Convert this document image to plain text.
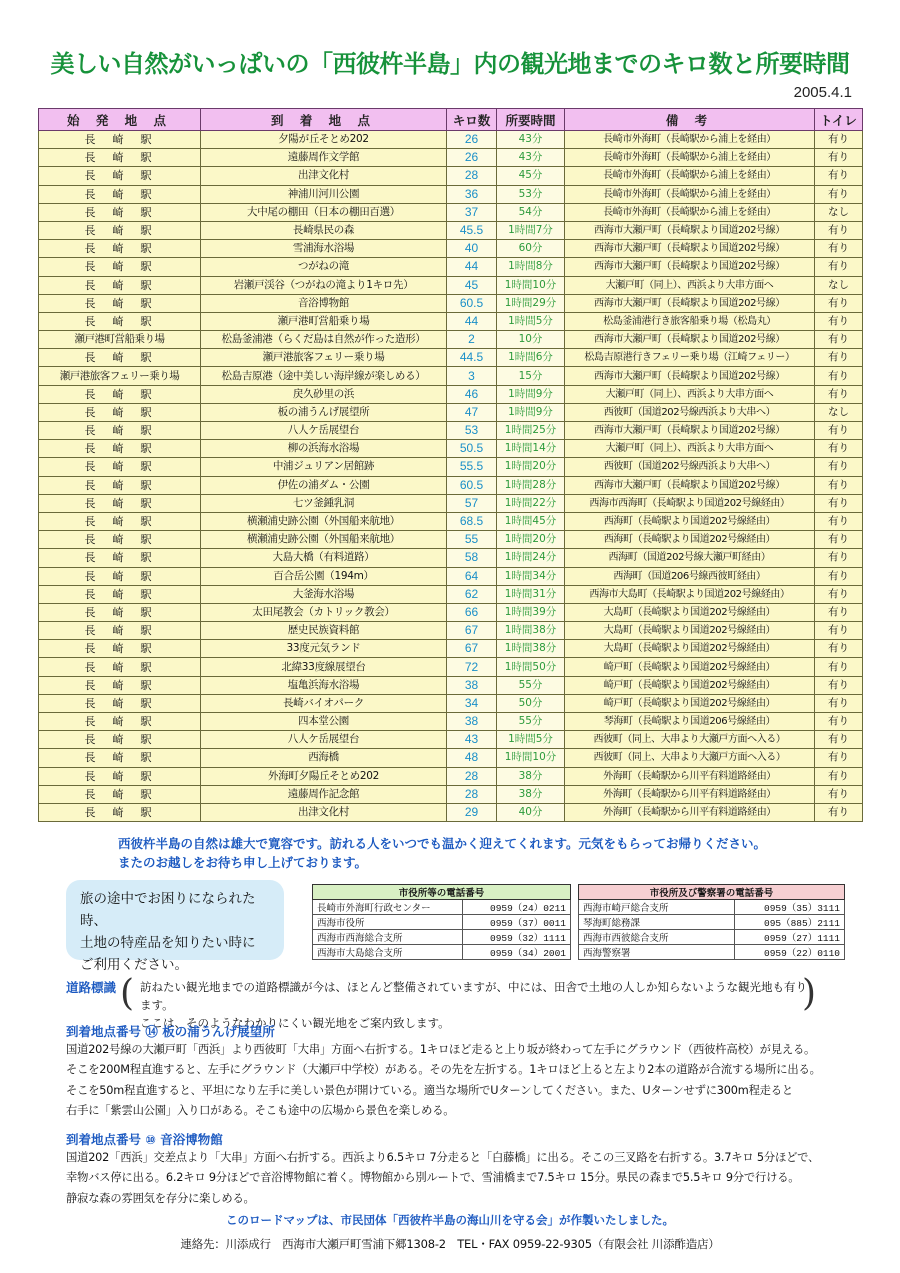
美しい自然がいっぱいの「西彼杵半島」内の観光地までのキロ数と所要時間
2005.4.1
始 発 地 点	到 着 地 点	キロ数	所要時間	備 考	トイレ
長　崎　駅	夕陽が丘そとめ202	26	43分	長崎市外海町（長崎駅から浦上を経由）	有り
長　崎　駅	遠藤周作文学館	26	43分	長崎市外海町（長崎駅から浦上を経由）	有り
長　崎　駅	出津文化村	28	45分	長崎市外海町（長崎駅から浦上を経由）	有り
長　崎　駅	神浦川河川公園	36	53分	長崎市外海町（長崎駅から浦上を経由）	有り
長　崎　駅	大中尾の棚田（日本の棚田百選）	37	54分	長崎市外海町（長崎駅から浦上を経由）	なし
長　崎　駅	長崎県民の森	45.5	1時間7分	西海市大瀬戸町（長崎駅より国道202号線）	有り
長　崎　駅	雪浦海水浴場	40	60分	西海市大瀬戸町（長崎駅より国道202号線）	有り
長　崎　駅	つがねの滝	44	1時間8分	西海市大瀬戸町（長崎駅より国道202号線）	有り
長　崎　駅	岩瀬戸渓谷（つがねの滝より1キロ先）	45	1時間10分	大瀬戸町（同上）、西浜より大串方面へ	なし
長　崎　駅	音浴博物館	60.5	1時間29分	西海市大瀬戸町（長崎駅より国道202号線）	有り
長　崎　駅	瀬戸港町営船乗り場	44	1時間5分	松島釜浦港行き旅客船乗り場（松島丸）	有り
瀬戸港町営船乗り場	松島釜浦港（らくだ島は自然が作った造形）	2	10分	西海市大瀬戸町（長崎駅より国道202号線）	有り
長　崎　駅	瀬戸港旅客フェリー乗り場	44.5	1時間6分	松島吉原港行きフェリー乗り場（江崎フェリー）	有り
瀬戸港旅客フェリー乗り場	松島吉原港（途中美しい海岸線が楽しめる）	3	15分	西海市大瀬戸町（長崎駅より国道202号線）	有り
長　崎　駅	戻久砂里の浜	46	1時間9分	大瀬戸町（同上）、西浜より大串方面へ	有り
長　崎　駅	板の浦うんげ展望所	47	1時間9分	西彼町（国道202号線西浜より大串へ）	なし
長　崎　駅	八人ケ岳展望台	53	1時間25分	西海市大瀬戸町（長崎駅より国道202号線）	有り
長　崎　駅	柳の浜海水浴場	50.5	1時間14分	大瀬戸町（同上）、西浜より大串方面へ	有り
長　崎　駅	中浦ジュリアン居館跡	55.5	1時間20分	西彼町（国道202号線西浜より大串へ）	有り
長　崎　駅	伊佐の浦ダム・公園	60.5	1時間28分	西海市大瀬戸町（長崎駅より国道202号線）	有り
長　崎　駅	七ツ釜鍾乳洞	57	1時間22分	西海市西海町（長崎駅より国道202号線経由）	有り
長　崎　駅	横瀬浦史跡公園（外国船来航地）	68.5	1時間45分	西海町（長崎駅より国道202号線経由）	有り
長　崎　駅	横瀬浦史跡公園（外国船来航地）	55	1時間20分	西海町（長崎駅より国道202号線経由）	有り
長　崎　駅	大島大橋（有料道路）	58	1時間24分	西海町（国道202号線大瀬戸町経由）	有り
長　崎　駅	百合岳公園（194m）	64	1時間34分	西海町（国道206号線西彼町経由）	有り
長　崎　駅	大釜海水浴場	62	1時間31分	西海市大島町（長崎駅より国道202号線経由）	有り
長　崎　駅	太田尾教会（カトリック教会）	66	1時間39分	大島町（長崎駅より国道202号線経由）	有り
長　崎　駅	歴史民族資料館	67	1時間38分	大島町（長崎駅より国道202号線経由）	有り
長　崎　駅	33度元気ランド	67	1時間38分	大島町（長崎駅より国道202号線経由）	有り
長　崎　駅	北緯33度線展望台	72	1時間50分	崎戸町（長崎駅より国道202号線経由）	有り
長　崎　駅	塩亀浜海水浴場	38	55分	崎戸町（長崎駅より国道202号線経由）	有り
長　崎　駅	長崎バイオパーク	34	50分	崎戸町（長崎駅より国道202号線経由）	有り
長　崎　駅	四本堂公園	38	55分	琴海町（長崎駅より国道206号線経由）	有り
長　崎　駅	八人ケ岳展望台	43	1時間5分	西彼町（同上、大串より大瀬戸方面へ入る）	有り
長　崎　駅	西海橋	48	1時間10分	西彼町（同上、大串より大瀬戸方面へ入る）	有り
長　崎　駅	外海町夕陽丘そとめ202	28	38分	外海町（長崎駅から川平有料道路経由）	有り
長　崎　駅	遠藤周作記念館	28	38分	外海町（長崎駅から川平有料道路経由）	有り
長　崎　駅	出津文化村	29	40分	外海町（長崎駅から川平有料道路経由）	有り
西彼杵半島の自然は雄大で寛容です。訪れる人をいつでも温かく迎えてくれます。元気をもらってお帰りください。
またのお越しをお待ち申し上げております。
旅の途中でお困りになられた時、
土地の特産品を知りたい時に
ご利用ください。
市役所等の電話番号	
長崎市外海町行政センター	0959（24）0211
西海市役所	0959（37）0011
西海市西海総合支所	0959（32）1111
西海市大島総合支所	0959（34）2001
市役所及び警察署の電話番号	
西海市崎戸総合支所	0959（35）3111
琴海町総務課	095（885）2111
西海市西彼総合支所	0959（27）1111
西海警察署	0959（22）0110
道路標識 ( 訪ねたい観光地までの道路標識が今は、ほとんど整備されていますが、中には、田舎で土地の人しか知らないような観光地も有ります。
ここは、そのようなわかりにくい観光地をご案内致します。
)
到着地点番号 ⑭ 板の浦うんげ展望所
国道202号線の大瀬戸町「西浜」より西彼町「大串」方面へ右折する。1キロほど走ると上り坂が終わって左手にグラウンド（西彼杵高校）が見える。
そこを200M程直進すると、左手にグラウンド（大瀬戸中学校）がある。その先を左折する。1キロほど上ると左より2本の道路が合流する場所に出る。
そこを50m程直進すると、平坦になり左手に美しい景色が開けている。適当な場所でUターンしてください。また、Uターンせずに300m程走ると
右手に「紫雲山公園」入り口がある。そこも途中の広場から景色を楽しめる。
到着地点番号 ⑩ 音浴博物館
国道202「西浜」交差点より「大串」方面へ右折する。西浜より6.5キロ 7分走ると「白藤橋」に出る。そこの三叉路を右折する。3.7キロ 5分ほどで、
幸物バス停に出る。6.2キロ 9分ほどで音浴博物館に着く。博物館から別ルートで、雪浦橋まで7.5キロ 15分。県民の森まで5.5キロ 9分で行ける。
静寂な森の雰囲気を存分に楽しめる。
このロードマップは、市民団体「西彼杵半島の海山川を守る会」が作製いたしました。
連絡先：川添成行　西海市大瀬戸町雪浦下郷1308-2　TEL・FAX 0959-22-9305（有限会社 川添酢造店）
